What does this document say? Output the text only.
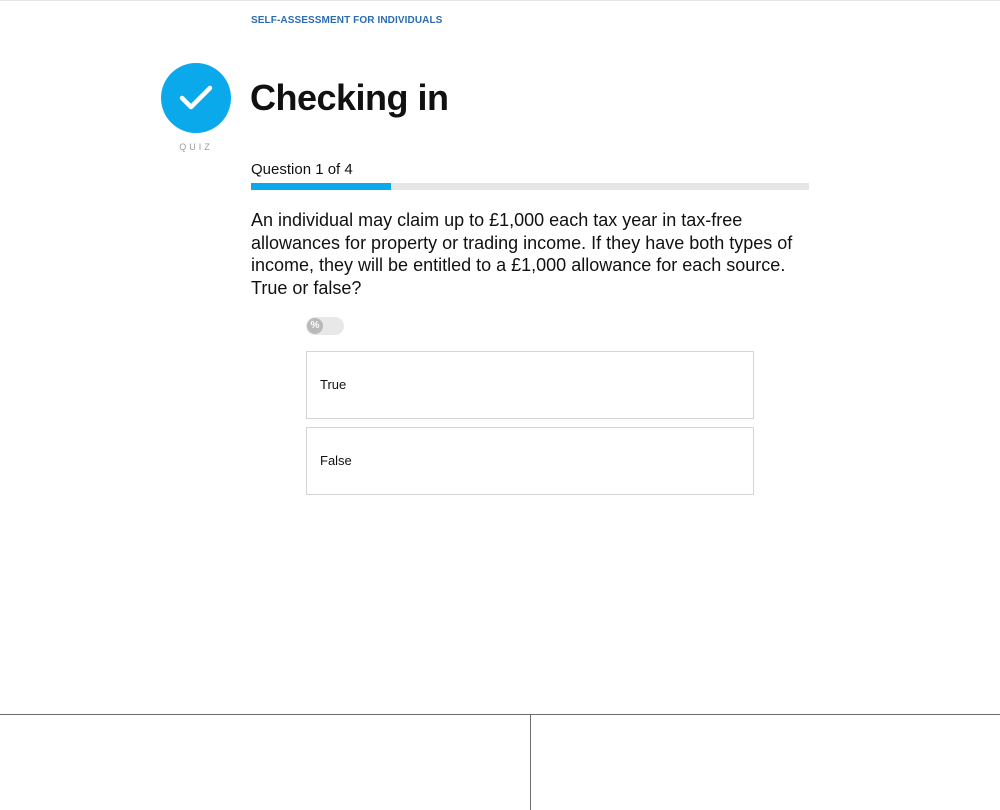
SELF-ASSESSMENT FOR INDIVIDUALS
QUIZ
Checking in
Question 1 of 4

An individual may claim up to £1,000 each tax year in tax-free allowances for property or trading income. If they have both types of income, they will be entitled to a £1,000 allowance for each source. True or false?

%
True
False
